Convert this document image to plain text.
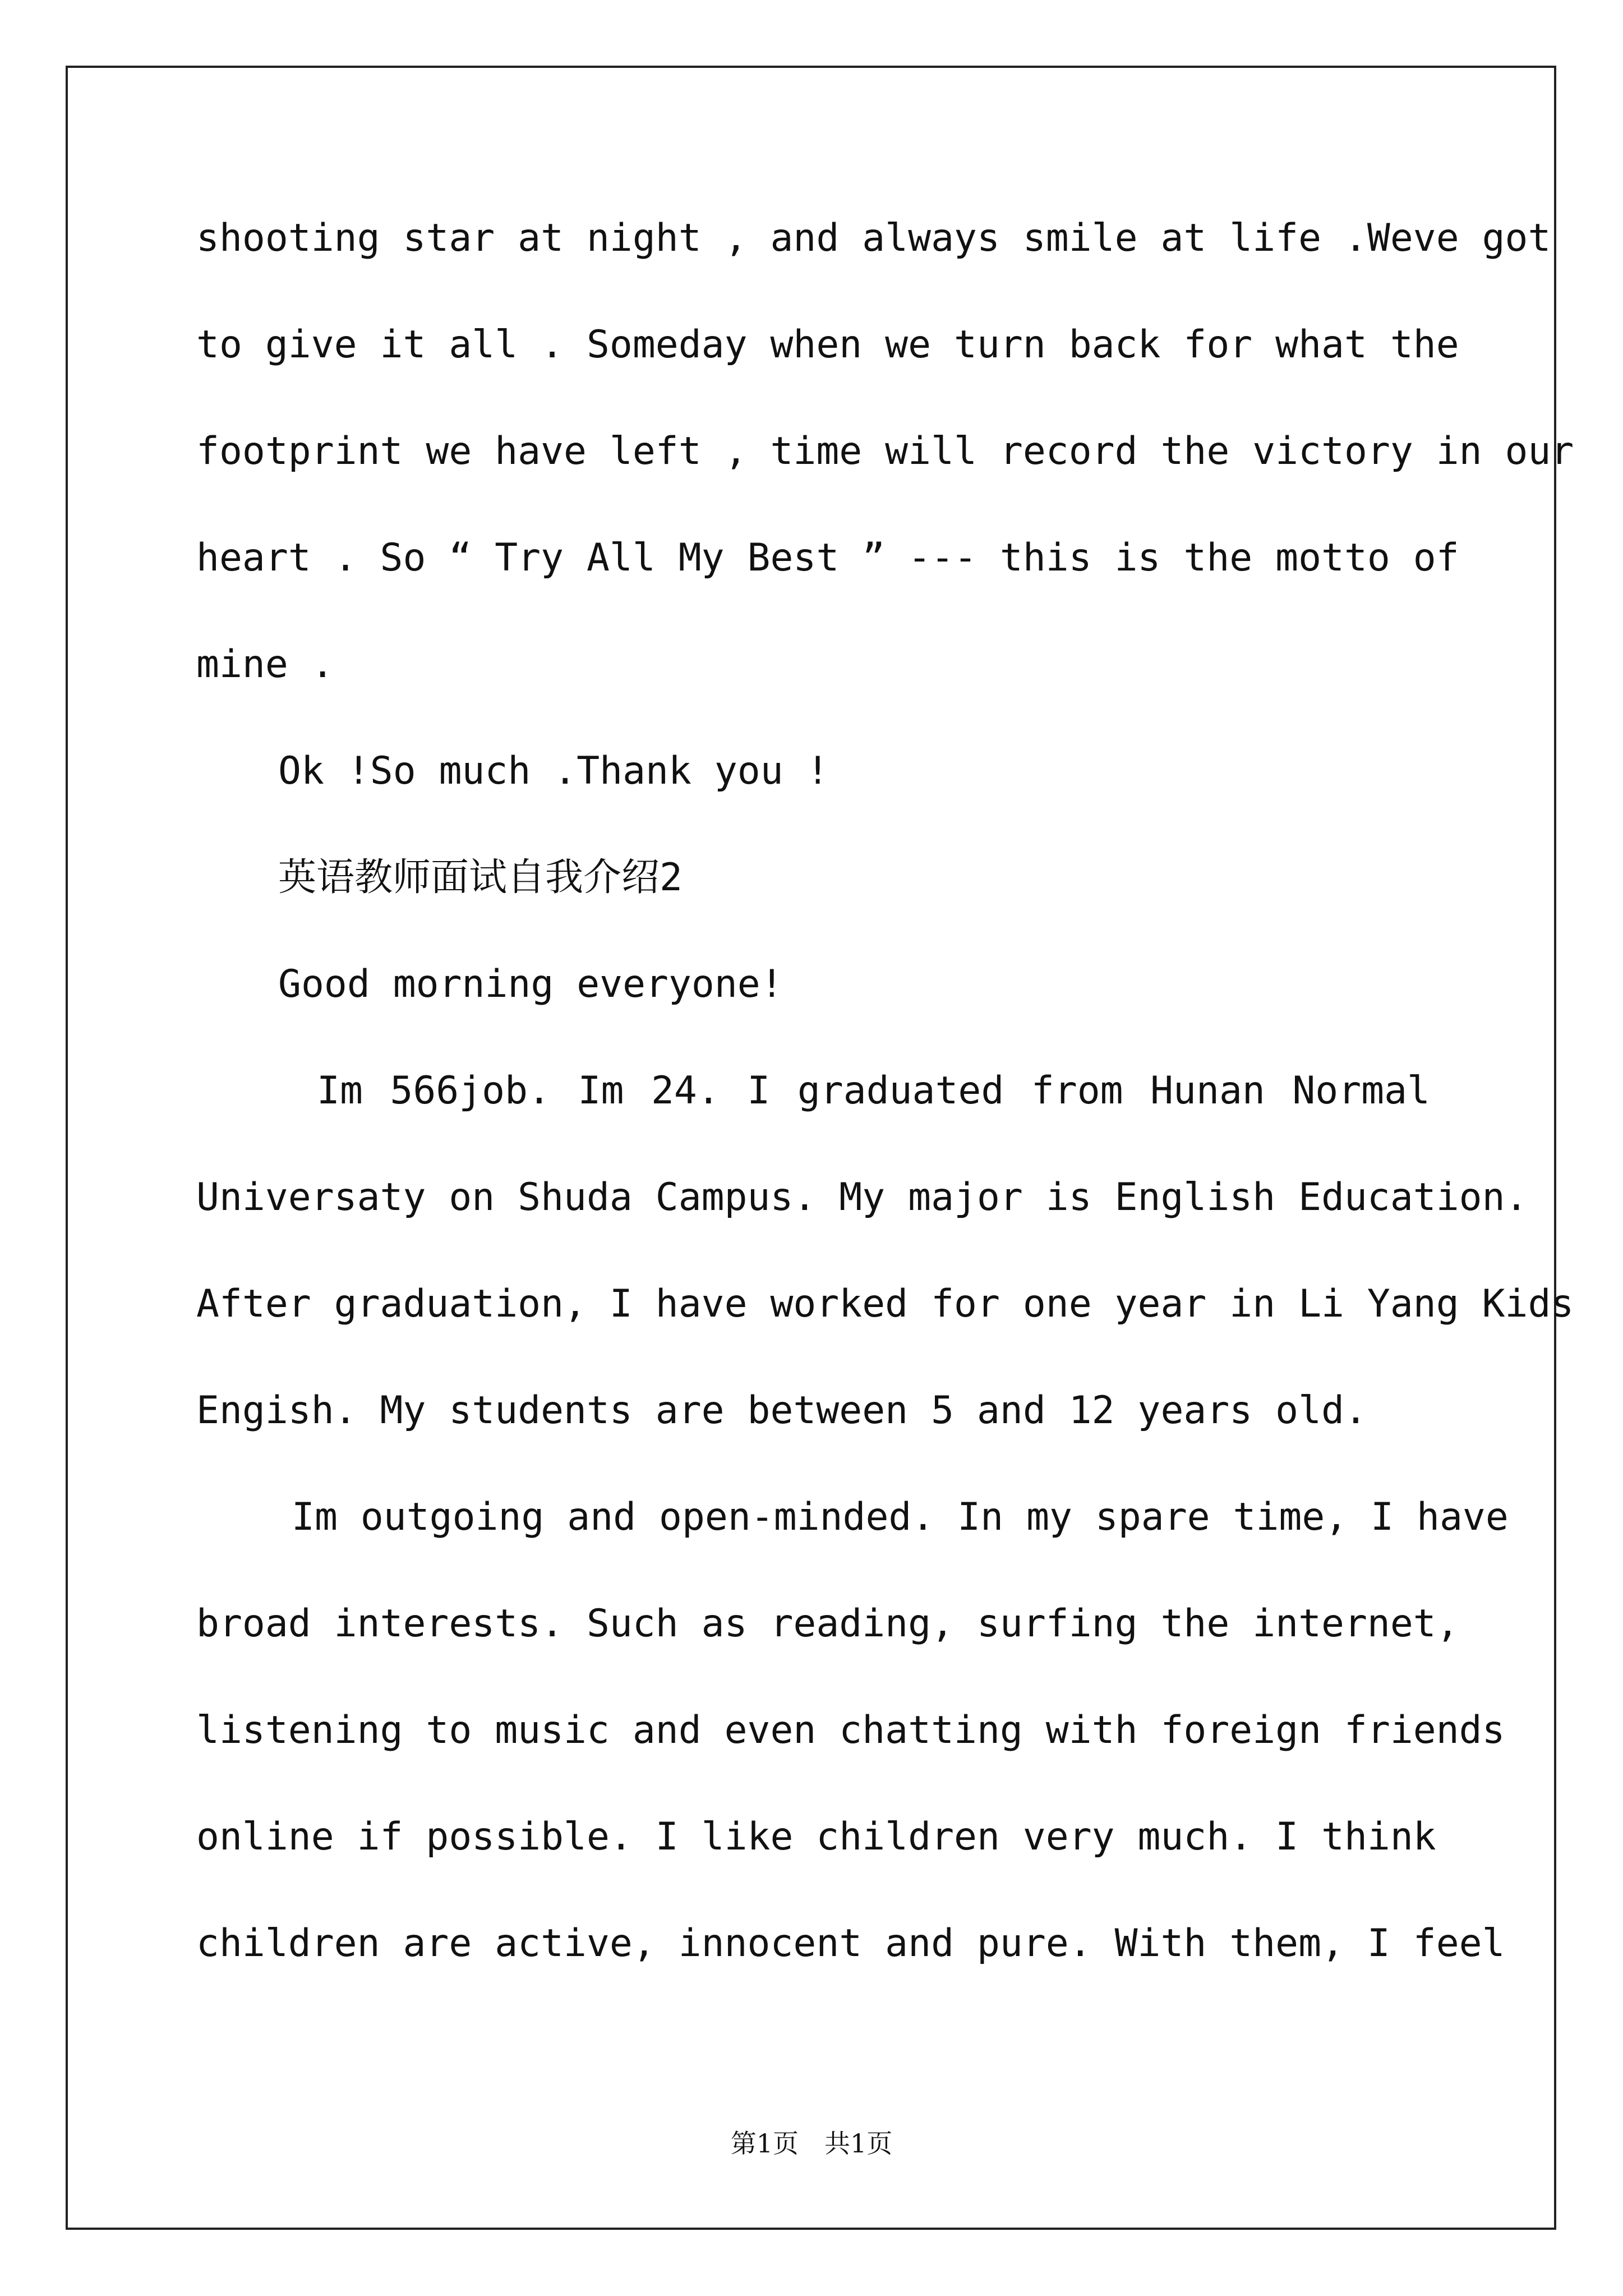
shooting star at night , and always smile at life .Weve got
to give it all . Someday when we turn back for what the
footprint we have left , time will record the victory in our
heart . So “ Try All My Best ” --- this is the motto of
mine .
Ok !So much .Thank you !
英语教师面试自我介绍2
Good morning everyone!
Im 566job. Im 24. I graduated from Hunan Normal
Universaty on Shuda Campus. My major is English Education.
After graduation, I have worked for one year in Li Yang Kids
Engish. My students are between 5 and 12 years old.
Im outgoing and open-minded. In my spare time, I have
broad interests. Such as reading, surfing the internet,
listening to music and even chatting with foreign friends
online if possible. I like children very much. I think
children are active, innocent and pure. With them, I feel
第1页 共1页
